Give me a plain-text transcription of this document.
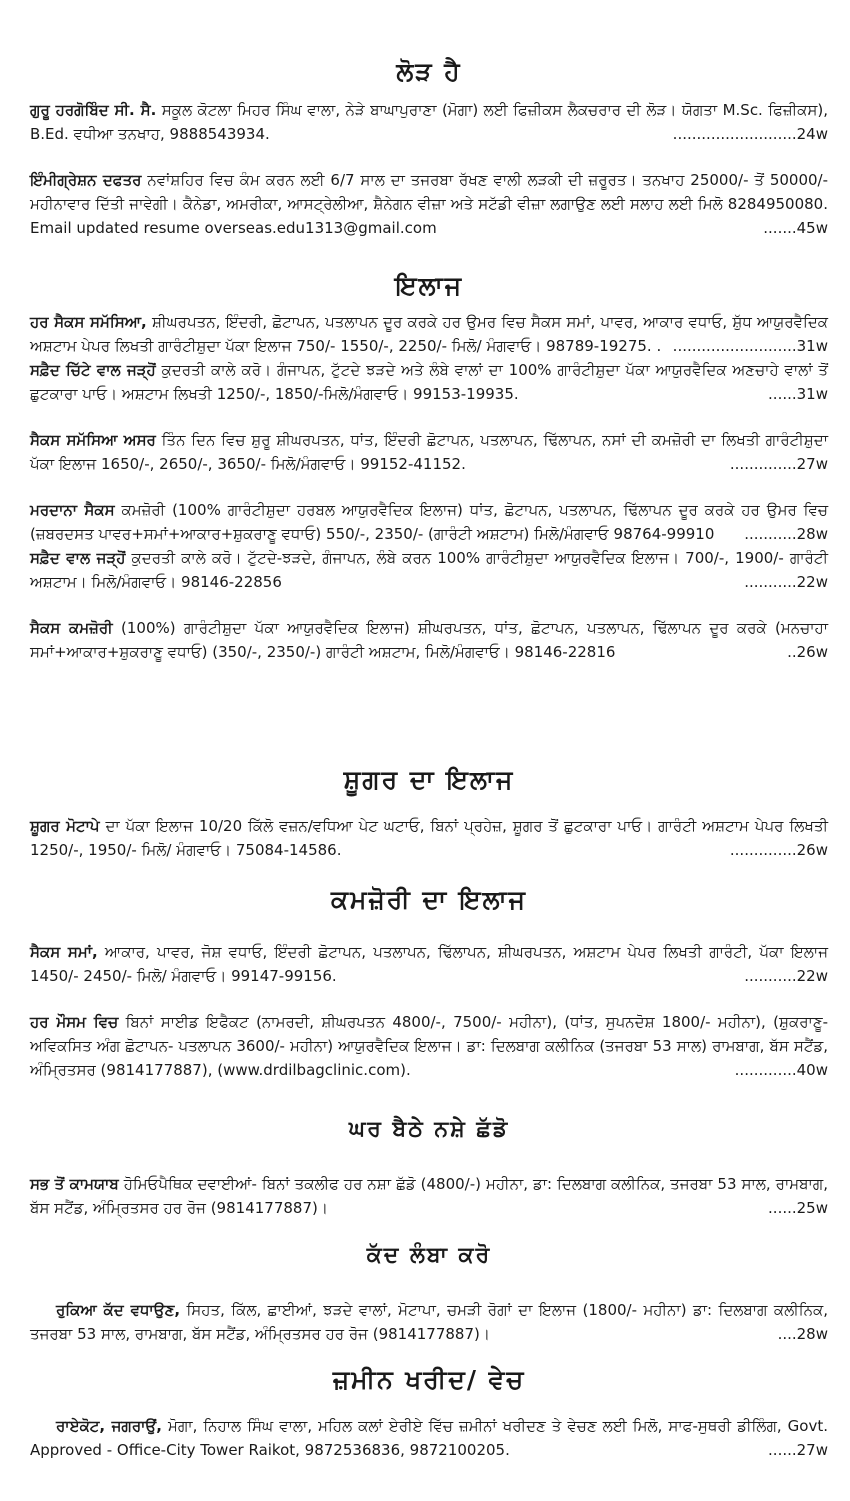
ਲੋੜ ਹੈ

ਗੁਰੂ ਹਰਗੋਬਿੰਦ ਸੀ. ਸੈ. ਸਕੂਲ ਕੋਟਲਾ ਮਿਹਰ ਸਿੰਘ ਵਾਲਾ, ਨੇੜੇ ਬਾਘਾਪੁਰਾਣਾ (ਮੋਗਾ) ਲਈ ਫਿਜ਼ੀਕਸ ਲੈਕਚਰਾਰ ਦੀ ਲੋੜ। ਯੋਗਤਾ M.Sc. ਫਿਜ਼ੀਕਸ), B.Ed. ਵਧੀਆ ਤਨਖਾਹ, 9888543934.	..........................24w

ਇੰਮੀਗ੍ਰੇਸ਼ਨ ਦਫਤਰ ਨਵਾਂਸ਼ਹਿਰ ਵਿਚ ਕੰਮ ਕਰਨ ਲਈ 6/7 ਸਾਲ ਦਾ ਤਜਰਬਾ ਰੱਖਣ ਵਾਲੀ ਲੜਕੀ ਦੀ ਜ਼ਰੂਰਤ। ਤਨਖਾਹ 25000/- ਤੋਂ 50000/- ਮਹੀਨਾਵਾਰ ਦਿੱਤੀ ਜਾਵੇਗੀ। ਕੈਨੇਡਾ, ਅਮਰੀਕਾ, ਆਸਟ੍ਰੇਲੀਆ, ਸ਼ੈਨੇਗਨ ਵੀਜ਼ਾ ਅਤੇ ਸਟੱਡੀ ਵੀਜ਼ਾ ਲਗਾਉਣ ਲਈ ਸਲਾਹ ਲਈ ਮਿਲੋ 8284950080. Email updated resume overseas.edu1313@gmail.com	.......45w

ਇਲਾਜ

ਹਰ ਸੈਕਸ ਸਮੱਸਿਆ, ਸ਼ੀਘਰਪਤਨ, ਇੰਦਰੀ, ਛੋਟਾਪਨ, ਪਤਲਾਪਨ ਦੂਰ ਕਰਕੇ ਹਰ ਉਮਰ ਵਿਚ ਸੈਕਸ ਸਮਾਂ, ਪਾਵਰ, ਆਕਾਰ ਵਧਾਓ, ਸ਼ੁੱਧ ਆਯੁਰਵੈਦਿਕ ਅਸ਼ਟਾਮ ਪੇਪਰ ਲਿਖਤੀ ਗਾਰੰਟੀਸ਼ੁਦਾ ਪੱਕਾ ਇਲਾਜ 750/- 1550/-, 2250/- ਮਿਲੋ/ ਮੰਗਵਾਓ। 98789-19275. . ..........................31w

ਸਫ਼ੈਦ ਚਿੱਟੇ ਵਾਲ ਜੜ੍ਹੋਂ ਕੁਦਰਤੀ ਕਾਲੇ ਕਰੋ। ਗੰਜਾਪਨ, ਟੁੱਟਦੇ ਝੜਦੇ ਅਤੇ ਲੰਬੇ ਵਾਲਾਂ ਦਾ 100% ਗਾਰੰਟੀਸ਼ੁਦਾ ਪੱਕਾ ਆਯੁਰਵੈਦਿਕ ਅਣਚਾਹੇ ਵਾਲਾਂ ਤੋਂ ਛੁਟਕਾਰਾ ਪਾਓ। ਅਸ਼ਟਾਮ ਲਿਖਤੀ 1250/-, 1850/-ਮਿਲੋ/ਮੰਗਵਾਓ। 99153-19935.	......31w

ਸੈਕਸ ਸਮੱਸਿਆ ਅਸਰ ਤਿੰਨ ਦਿਨ ਵਿਚ ਸ਼ੁਰੂ ਸ਼ੀਘਰਪਤਨ, ਧਾਂਤ, ਇੰਦਰੀ ਛੋਟਾਪਨ, ਪਤਲਾਪਨ, ਢਿੱਲਾਪਨ, ਨਸਾਂ ਦੀ ਕਮਜ਼ੋਰੀ ਦਾ ਲਿਖਤੀ ਗਾਰੰਟੀਸ਼ੁਦਾ ਪੱਕਾ ਇਲਾਜ 1650/-, 2650/-, 3650/- ਮਿਲੋ/ਮੰਗਵਾਓ। 99152-41152.	..............27w

ਮਰਦਾਨਾ ਸੈਕਸ ਕਮਜ਼ੋਰੀ (100% ਗਾਰੰਟੀਸ਼ੁਦਾ ਹਰਬਲ ਆਯੁਰਵੈਦਿਕ ਇਲਾਜ) ਧਾਂਤ, ਛੋਟਾਪਨ, ਪਤਲਾਪਨ, ਢਿੱਲਾਪਨ ਦੂਰ ਕਰਕੇ ਹਰ ਉਮਰ ਵਿਚ (ਜ਼ਬਰਦਸਤ ਪਾਵਰ+ਸਮਾਂ+ਆਕਾਰ+ਸ਼ੁਕਰਾਣੂ ਵਧਾਓ) 550/-, 2350/- (ਗਾਰੰਟੀ ਅਸ਼ਟਾਮ) ਮਿਲੋ/ਮੰਗਵਾਓ 98764-99910 ...........28w

ਸਫ਼ੈਦ ਵਾਲ ਜੜ੍ਹੋਂ ਕੁਦਰਤੀ ਕਾਲੇ ਕਰੋ। ਟੁੱਟਦੇ-ਝੜਦੇ, ਗੰਜਾਪਨ, ਲੰਬੇ ਕਰਨ 100% ਗਾਰੰਟੀਸ਼ੁਦਾ ਆਯੁਰਵੈਦਿਕ ਇਲਾਜ। 700/-, 1900/- ਗਾਰੰਟੀ ਅਸ਼ਟਾਮ। ਮਿਲੋ/ਮੰਗਵਾਓ। 98146-22856	...........22w

ਸੈਕਸ ਕਮਜ਼ੋਰੀ (100%) ਗਾਰੰਟੀਸ਼ੁਦਾ ਪੱਕਾ ਆਯੁਰਵੈਦਿਕ ਇਲਾਜ) ਸ਼ੀਘਰਪਤਨ, ਧਾਂਤ, ਛੋਟਾਪਨ, ਪਤਲਾਪਨ, ਢਿੱਲਾਪਨ ਦੂਰ ਕਰਕੇ (ਮਨਚਾਹਾ ਸਮਾਂ+ਆਕਾਰ+ਸ਼ੁਕਰਾਣੂ ਵਧਾਓ) (350/-, 2350/-) ਗਾਰੰਟੀ ਅਸ਼ਟਾਮ, ਮਿਲੋ/ਮੰਗਵਾਓ। 98146-22816	..26w

ਸ਼ੂਗਰ ਦਾ ਇਲਾਜ

ਸ਼ੂਗਰ ਮੋਟਾਪੇ ਦਾ ਪੱਕਾ ਇਲਾਜ 10/20 ਕਿੱਲੋ ਵਜ਼ਨ/ਵਧਿਆ ਪੇਟ ਘਟਾਓ, ਬਿਨਾਂ ਪ੍ਰਹੇਜ਼, ਸ਼ੂਗਰ ਤੋਂ ਛੁਟਕਾਰਾ ਪਾਓ। ਗਾਰੰਟੀ ਅਸ਼ਟਾਮ ਪੇਪਰ ਲਿਖਤੀ 1250/-, 1950/- ਮਿਲੋ/ ਮੰਗਵਾਓ। 75084-14586.	..............26w

ਕਮਜ਼ੋਰੀ ਦਾ ਇਲਾਜ

ਸੈਕਸ ਸਮਾਂ, ਆਕਾਰ, ਪਾਵਰ, ਜੋਸ਼ ਵਧਾਓ, ਇੰਦਰੀ ਛੋਟਾਪਨ, ਪਤਲਾਪਨ, ਢਿੱਲਾਪਨ, ਸ਼ੀਘਰਪਤਨ, ਅਸ਼ਟਾਮ ਪੇਪਰ ਲਿਖਤੀ ਗਾਰੰਟੀ, ਪੱਕਾ ਇਲਾਜ 1450/- 2450/- ਮਿਲੋ/ ਮੰਗਵਾਓ। 99147-99156.	...........22w

ਹਰ ਮੌਸਮ ਵਿਚ ਬਿਨਾਂ ਸਾਈਡ ਇਫੈਕਟ (ਨਾਮਰਦੀ, ਸ਼ੀਘਰਪਤਨ 4800/-, 7500/- ਮਹੀਨਾ), (ਧਾਂਤ, ਸੁਪਨਦੋਸ਼ 1800/- ਮਹੀਨਾ), (ਸ਼ੁਕਰਾਣੂ-ਅਵਿਕਸਿਤ ਅੰਗ ਛੋਟਾਪਨ- ਪਤਲਾਪਨ 3600/- ਮਹੀਨਾ) ਆਯੁਰਵੈਦਿਕ ਇਲਾਜ। ਡਾ: ਦਿਲਬਾਗ ਕਲੀਨਿਕ (ਤਜਰਬਾ 53 ਸਾਲ) ਰਾਮਬਾਗ, ਬੱਸ ਸਟੈਂਡ, ਅੰਮ੍ਰਿਤਸਰ (9814177887), (www.drdilbagclinic.com).	.............40w

ਘਰ ਬੈਠੇ ਨਸ਼ੇ ਛੱਡੋ

ਸਭ ਤੋਂ ਕਾਮਯਾਬ ਹੋਮਿਓਪੈਥਿਕ ਦਵਾਈਆਂ- ਬਿਨਾਂ ਤਕਲੀਫ ਹਰ ਨਸ਼ਾ ਛੱਡੋ (4800/-) ਮਹੀਨਾ, ਡਾ: ਦਿਲਬਾਗ ਕਲੀਨਿਕ, ਤਜਰਬਾ 53 ਸਾਲ, ਰਾਮਬਾਗ, ਬੱਸ ਸਟੈਂਡ, ਅੰਮ੍ਰਿਤਸਰ ਹਰ ਰੋਜ (9814177887)।	......25w

ਕੱਦ ਲੰਬਾ ਕਰੋ

ਰੁਕਿਆ ਕੱਦ ਵਧਾਉਣ, ਸਿਹਤ, ਕਿੱਲ, ਛਾਈਆਂ, ਝੜਦੇ ਵਾਲਾਂ, ਮੋਟਾਪਾ, ਚਮੜੀ ਰੋਗਾਂ ਦਾ ਇਲਾਜ (1800/- ਮਹੀਨਾ) ਡਾ: ਦਿਲਬਾਗ ਕਲੀਨਿਕ, ਤਜਰਬਾ 53 ਸਾਲ, ਰਾਮਬਾਗ, ਬੱਸ ਸਟੈਂਡ, ਅੰਮ੍ਰਿਤਸਰ ਹਰ ਰੋਜ (9814177887)।	....28w

ਜ਼ਮੀਨ ਖਰੀਦ/ ਵੇਚ

ਰਾਏਕੋਟ, ਜਗਰਾਉਂ, ਮੋਗਾ, ਨਿਹਾਲ ਸਿੰਘ ਵਾਲਾ, ਮਹਿਲ ਕਲਾਂ ਏਰੀਏ ਵਿੱਚ ਜ਼ਮੀਨਾਂ ਖਰੀਦਣ ਤੇ ਵੇਚਣ ਲਈ ਮਿਲੋ, ਸਾਫ-ਸੁਥਰੀ ਡੀਲਿੰਗ, Govt. Approved - Office-City Tower Raikot, 9872536836, 9872100205.	......27w
